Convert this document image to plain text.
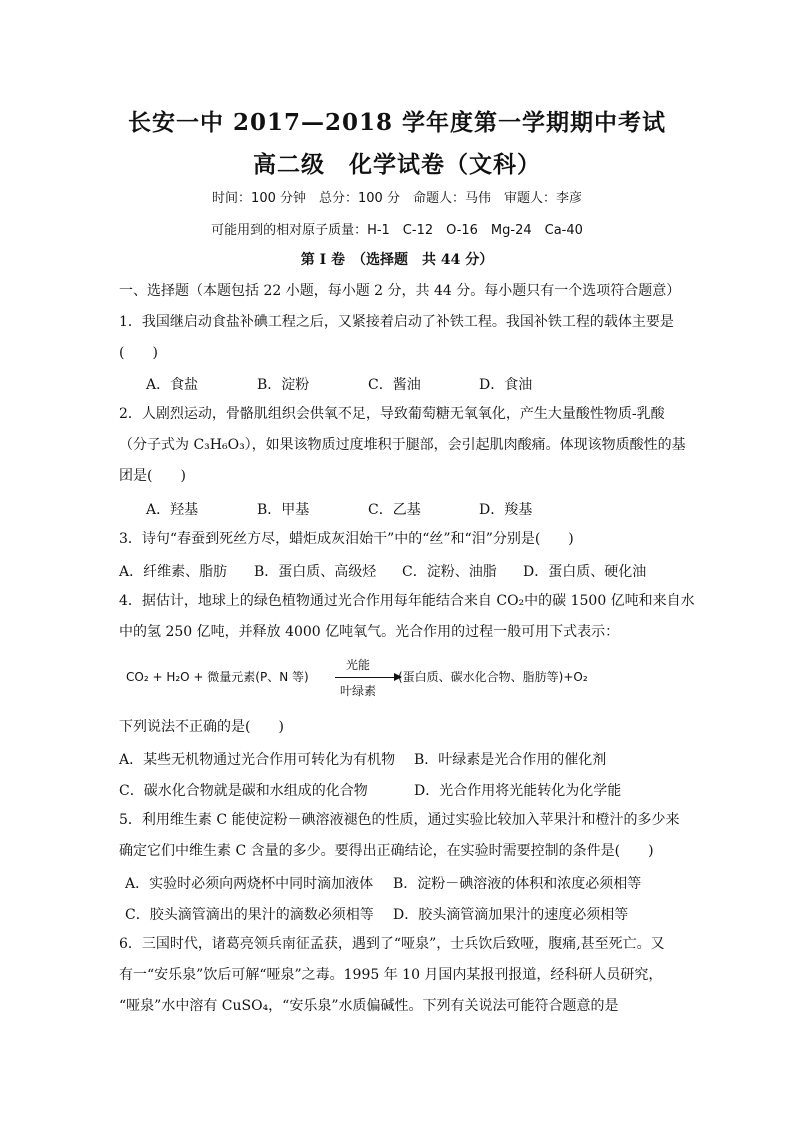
长安一中 2017—2018 学年度第一学期期中考试
高二级　化学试卷（文科）
时间：100 分钟　总分：100 分　命题人：马伟　审题人：李彦
可能用到的相对原子质量：H-1　C-12　O-16　Mg-24　Ca-40
第 I 卷　（选择题　共 44 分）
一、选择题（本题包括 22 小题，每小题 2 分，共 44 分。每小题只有一个选项符合题意）
1．我国继启动食盐补碘工程之后，又紧接着启动了补铁工程。我国补铁工程的载体主要是
(　　)
A．食盐	B．淀粉	C．酱油	D．食油
2．人剧烈运动，骨骼肌组织会供氧不足，导致葡萄糖无氧氧化，产生大量酸性物质-乳酸
（分子式为 C₃H₆O₃），如果该物质过度堆积于腿部，会引起肌肉酸痛。体现该物质酸性的基
团是(　　)
A．羟基	B．甲基	C．乙基	D．羧基
3．诗句“春蚕到死丝方尽，蜡炬成灰泪始干”中的“丝”和“泪”分别是(　　)
A．纤维素、脂肪 B．蛋白质、高级烃 C．淀粉、油脂 D．蛋白质、硬化油
4．据估计，地球上的绿色植物通过光合作用每年能结合来自 CO₂中的碳 1500 亿吨和来自水
中的氢 250 亿吨，并释放 4000 亿吨氧气。光合作用的过程一般可用下式表示：
CO₂ + H₂O + 微量元素(P、N 等)
光能
叶绿素
(蛋白质、碳水化合物、脂肪等)+O₂
下列说法不正确的是(　　)
A．某些无机物通过光合作用可转化为有机物 B．叶绿素是光合作用的催化剂
C．碳水化合物就是碳和水组成的化合物	D．光合作用将光能转化为化学能
5．利用维生素 C 能使淀粉－碘溶液褪色的性质，通过实验比较加入苹果汁和橙汁的多少来
确定它们中维生素 C 含量的多少。要得出正确结论，在实验时需要控制的条件是(　　)
A．实验时必须向两烧杯中同时滴加液体 B．淀粉－碘溶液的体积和浓度必须相等
C．胶头滴管滴出的果汁的滴数必须相等 D．胶头滴管滴加果汁的速度必须相等
6．三国时代，诸葛亮领兵南征孟获，遇到了“哑泉”，士兵饮后致哑，腹痛,甚至死亡。又
有一“安乐泉”饮后可解“哑泉”之毒。1995 年 10 月国内某报刊报道，经科研人员研究，
“哑泉”水中溶有 CuSO₄，“安乐泉”水质偏碱性。下列有关说法可能符合题意的是
